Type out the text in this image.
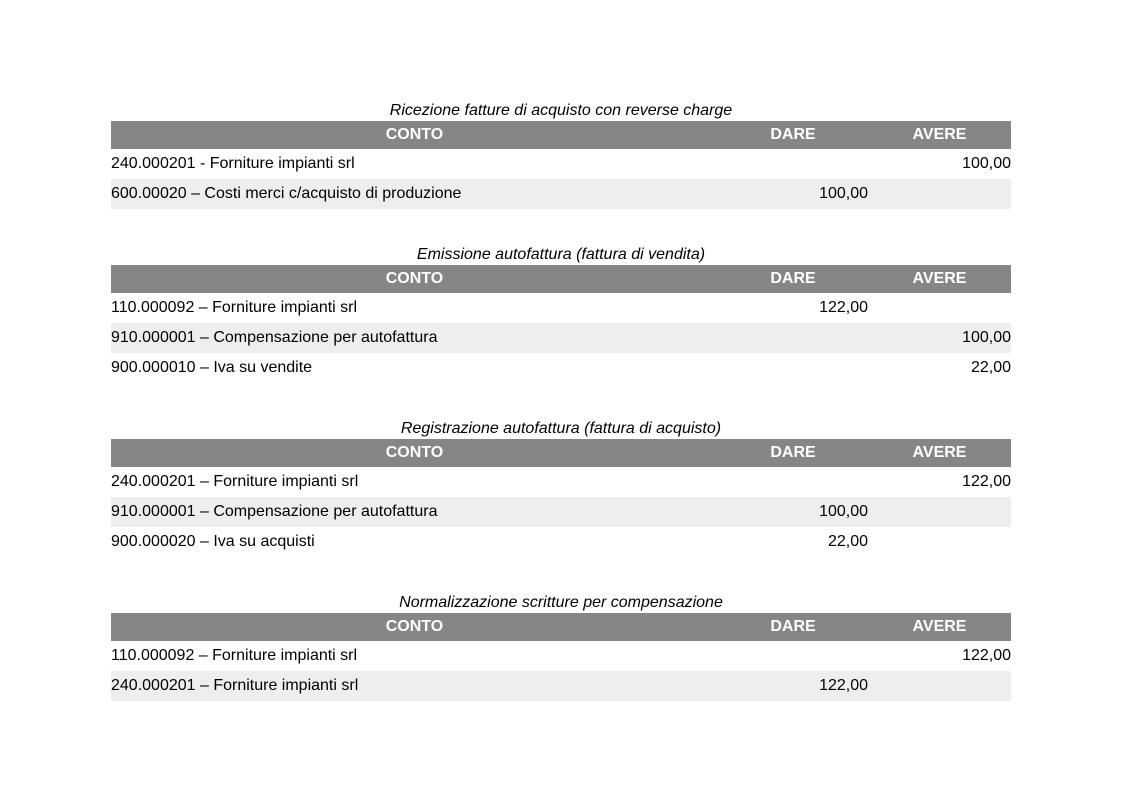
Ricezione fatture di acquisto con reverse charge
CONTO	DARE	AVERE
240.000201 - Forniture impianti srl		100,00
600.00020 – Costi merci c/acquisto di produzione	100,00	
Emissione autofattura (fattura di vendita)
CONTO	DARE	AVERE
110.000092 – Forniture impianti srl	122,00	
910.000001 – Compensazione per autofattura		100,00
900.000010 – Iva su vendite		22,00
Registrazione autofattura (fattura di acquisto)
CONTO	DARE	AVERE
240.000201 – Forniture impianti srl		122,00
910.000001 – Compensazione per autofattura	100,00	
900.000020 – Iva su acquisti	22,00	
Normalizzazione scritture per compensazione
CONTO	DARE	AVERE
110.000092 – Forniture impianti srl		122,00
240.000201 – Forniture impianti srl	122,00	
